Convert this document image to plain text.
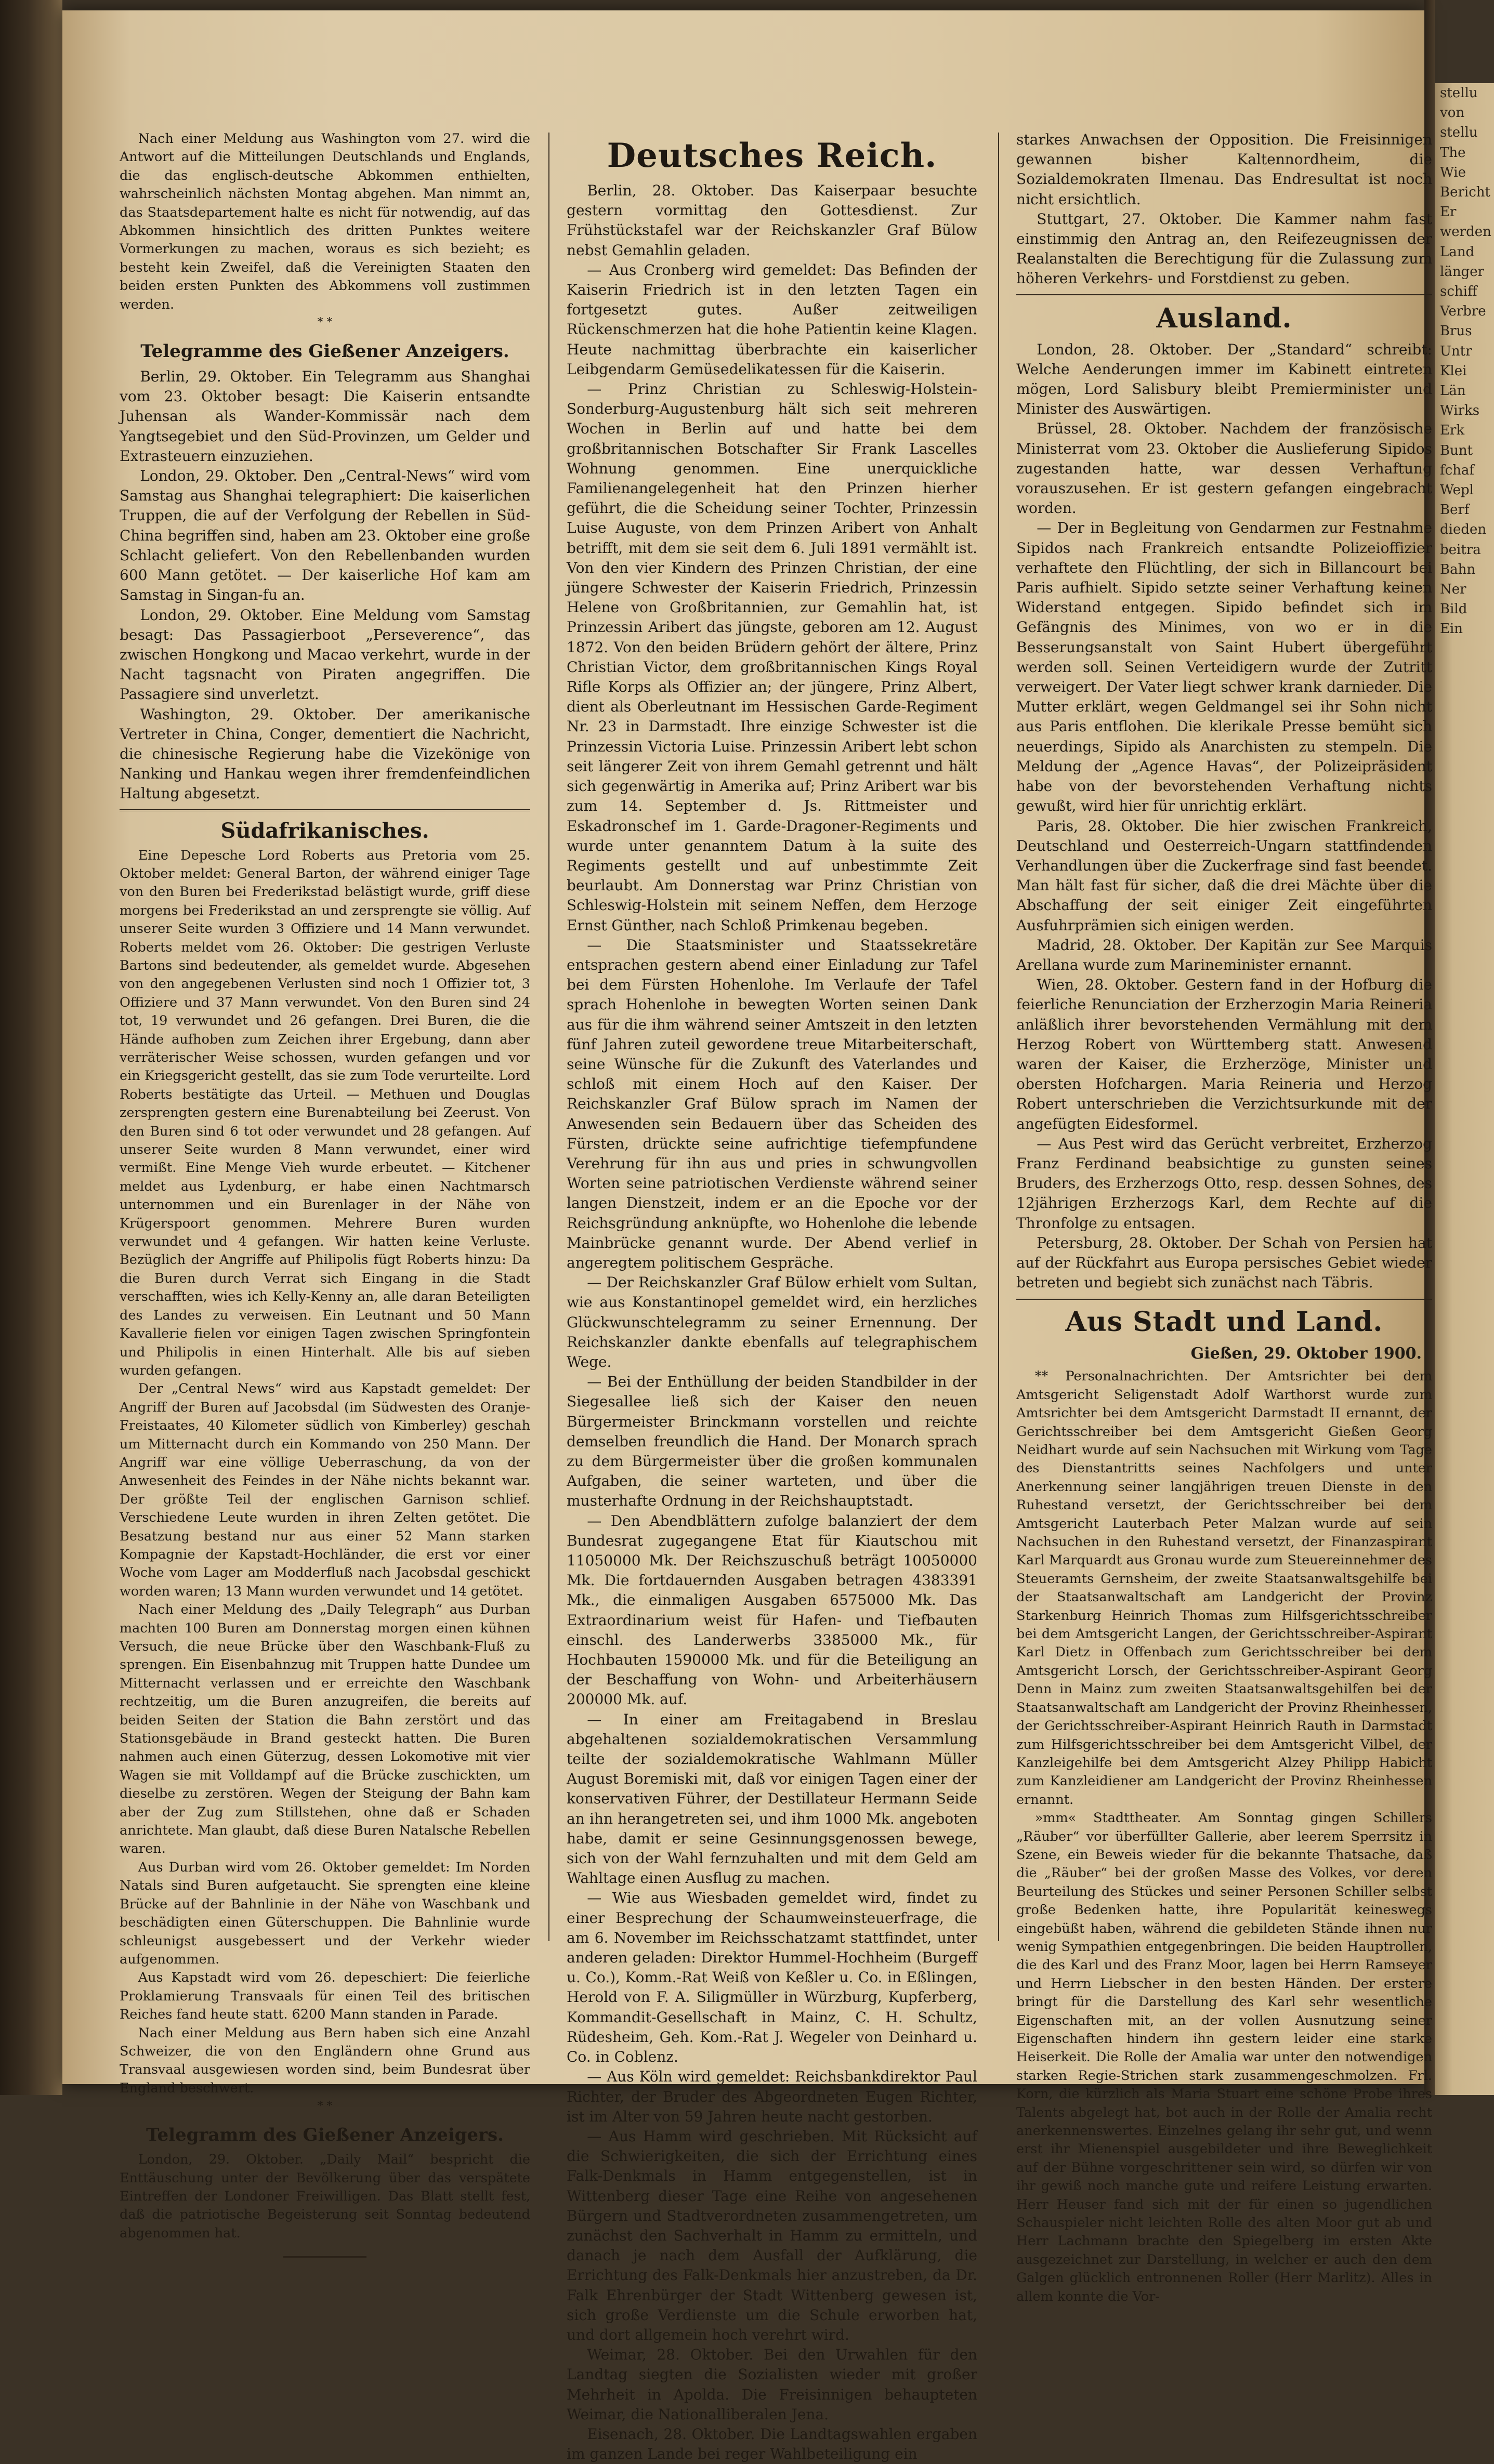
stellu
von
stellu
The
Wie
Bericht
Er
werden
Land
länger
schiff
Verbre
Brus
Untr
Klei
Län
Wirks
Erk
Bunt
fchaf
Wepl
Berf
dieden
beitra
Bahn
Ner
Bild
Ein

Nach einer Meldung aus Washington vom 27. wird die Antwort auf die Mitteilungen Deutschlands und Englands, die das englisch-deutsche Abkommen enthielten, wahrscheinlich nächsten Montag abgehen. Man nimmt an, das Staatsdepartement halte es nicht für notwendig, auf das Abkommen hinsichtlich des dritten Punktes weitere Vormerkungen zu machen, woraus es sich bezieht; es besteht kein Zweifel, daß die Vereinigten Staaten den beiden ersten Punkten des Abkommens voll zustimmen werden.

* *
Telegramme des Gießener Anzeigers.

Berlin, 29. Oktober. Ein Telegramm aus Shanghai vom 23. Oktober besagt: Die Kaiserin entsandte Juhensan als Wander-Kommissär nach dem Yangtsegebiet und den Süd-Provinzen, um Gelder und Extrasteuern einzuziehen.

London, 29. Oktober. Den „Central-News“ wird vom Samstag aus Shanghai telegraphiert: Die kaiserlichen Truppen, die auf der Verfolgung der Rebellen in Süd-China begriffen sind, haben am 23. Oktober eine große Schlacht geliefert. Von den Rebellenbanden wurden 600 Mann getötet. — Der kaiserliche Hof kam am Samstag in Singan-fu an.

London, 29. Oktober. Eine Meldung vom Samstag besagt: Das Passagierboot „Perseverence“, das zwischen Hongkong und Macao verkehrt, wurde in der Nacht tagsnacht von Piraten angegriffen. Die Passagiere sind unverletzt.

Washington, 29. Oktober. Der amerikanische Vertreter in China, Conger, dementiert die Nachricht, die chinesische Regierung habe die Vizekönige von Nanking und Hankau wegen ihrer fremdenfeindlichen Haltung abgesetzt.

Südafrikanisches.

Eine Depesche Lord Roberts aus Pretoria vom 25. Oktober meldet: General Barton, der während einiger Tage von den Buren bei Frederikstad belästigt wurde, griff diese morgens bei Frederikstad an und zersprengte sie völlig. Auf unserer Seite wurden 3 Offiziere und 14 Mann verwundet. Roberts meldet vom 26. Oktober: Die gestrigen Verluste Bartons sind bedeutender, als gemeldet wurde. Abgesehen von den angegebenen Verlusten sind noch 1 Offizier tot, 3 Offiziere und 37 Mann verwundet. Von den Buren sind 24 tot, 19 verwundet und 26 gefangen. Drei Buren, die die Hände aufhoben zum Zeichen ihrer Ergebung, dann aber verräterischer Weise schossen, wurden gefangen und vor ein Kriegsgericht gestellt, das sie zum Tode verurteilte. Lord Roberts bestätigte das Urteil. — Methuen und Douglas zersprengten gestern eine Burenabteilung bei Zeerust. Von den Buren sind 6 tot oder verwundet und 28 gefangen. Auf unserer Seite wurden 8 Mann verwundet, einer wird vermißt. Eine Menge Vieh wurde erbeutet. — Kitchener meldet aus Lydenburg, er habe einen Nachtmarsch unternommen und ein Burenlager in der Nähe von Krügerspoort genommen. Mehrere Buren wurden verwundet und 4 gefangen. Wir hatten keine Verluste. Bezüglich der Angriffe auf Philipolis fügt Roberts hinzu: Da die Buren durch Verrat sich Eingang in die Stadt verschafften, wies ich Kelly-Kenny an, alle daran Beteiligten des Landes zu verweisen. Ein Leutnant und 50 Mann Kavallerie fielen vor einigen Tagen zwischen Springfontein und Philipolis in einen Hinterhalt. Alle bis auf sieben wurden gefangen.

Der „Central News“ wird aus Kapstadt gemeldet: Der Angriff der Buren auf Jacobsdal (im Südwesten des Oranje-Freistaates, 40 Kilometer südlich von Kimberley) geschah um Mitternacht durch ein Kommando von 250 Mann. Der Angriff war eine völlige Ueberraschung, da von der Anwesenheit des Feindes in der Nähe nichts bekannt war. Der größte Teil der englischen Garnison schlief. Verschiedene Leute wurden in ihren Zelten getötet. Die Besatzung bestand nur aus einer 52 Mann starken Kompagnie der Kapstadt-Hochländer, die erst vor einer Woche vom Lager am Modderfluß nach Jacobsdal geschickt worden waren; 13 Mann wurden verwundet und 14 getötet.

Nach einer Meldung des „Daily Telegraph“ aus Durban machten 100 Buren am Donnerstag morgen einen kühnen Versuch, die neue Brücke über den Waschbank-Fluß zu sprengen. Ein Eisenbahnzug mit Truppen hatte Dundee um Mitternacht verlassen und er erreichte den Waschbank rechtzeitig, um die Buren anzugreifen, die bereits auf beiden Seiten der Station die Bahn zerstört und das Stationsgebäude in Brand gesteckt hatten. Die Buren nahmen auch einen Güterzug, dessen Lokomotive mit vier Wagen sie mit Volldampf auf die Brücke zuschickten, um dieselbe zu zerstören. Wegen der Steigung der Bahn kam aber der Zug zum Stillstehen, ohne daß er Schaden anrichtete. Man glaubt, daß diese Buren Natalsche Rebellen waren.

Aus Durban wird vom 26. Oktober gemeldet: Im Norden Natals sind Buren aufgetaucht. Sie sprengten eine kleine Brücke auf der Bahnlinie in der Nähe von Waschbank und beschädigten einen Güterschuppen. Die Bahnlinie wurde schleunigst ausgebessert und der Verkehr wieder aufgenommen.

Aus Kapstadt wird vom 26. depeschiert: Die feierliche Proklamierung Transvaals für einen Teil des britischen Reiches fand heute statt. 6200 Mann standen in Parade.

Nach einer Meldung aus Bern haben sich eine Anzahl Schweizer, die von den Engländern ohne Grund aus Transvaal ausgewiesen worden sind, beim Bundesrat über England beschwert.

* *
Telegramm des Gießener Anzeigers.

London, 29. Oktober. „Daily Mail“ bespricht die Enttäuschung unter der Bevölkerung über das verspätete Eintreffen der Londoner Freiwilligen. Das Blatt stellt fest, daß die patriotische Begeisterung seit Sonntag bedeutend abgenommen hat.

Deutsches Reich.

Berlin, 28. Oktober. Das Kaiserpaar besuchte gestern vormittag den Gottesdienst. Zur Frühstückstafel war der Reichskanzler Graf Bülow nebst Gemahlin geladen.

— Aus Cronberg wird gemeldet: Das Befinden der Kaiserin Friedrich ist in den letzten Tagen ein fortgesetzt gutes. Außer zeitweiligen Rückenschmerzen hat die hohe Patientin keine Klagen. Heute nachmittag überbrachte ein kaiserlicher Leibgendarm Gemüsedelikatessen für die Kaiserin.

— Prinz Christian zu Schleswig-Holstein-Sonderburg-Augustenburg hält sich seit mehreren Wochen in Berlin auf und hatte bei dem großbritannischen Botschafter Sir Frank Lascelles Wohnung genommen. Eine unerquickliche Familienangelegenheit hat den Prinzen hierher geführt, die die Scheidung seiner Tochter, Prinzessin Luise Auguste, von dem Prinzen Aribert von Anhalt betrifft, mit dem sie seit dem 6. Juli 1891 vermählt ist. Von den vier Kindern des Prinzen Christian, der eine jüngere Schwester der Kaiserin Friedrich, Prinzessin Helene von Großbritannien, zur Gemahlin hat, ist Prinzessin Aribert das jüngste, geboren am 12. August 1872. Von den beiden Brüdern gehört der ältere, Prinz Christian Victor, dem großbritannischen Kings Royal Rifle Korps als Offizier an; der jüngere, Prinz Albert, dient als Oberleutnant im Hessischen Garde-Regiment Nr. 23 in Darmstadt. Ihre einzige Schwester ist die Prinzessin Victoria Luise. Prinzessin Aribert lebt schon seit längerer Zeit von ihrem Gemahl getrennt und hält sich gegenwärtig in Amerika auf; Prinz Aribert war bis zum 14. September d. Js. Rittmeister und Eskadronschef im 1. Garde-Dragoner-Regiments und wurde unter genanntem Datum à la suite des Regiments gestellt und auf unbestimmte Zeit beurlaubt. Am Donnerstag war Prinz Christian von Schleswig-Holstein mit seinem Neffen, dem Herzoge Ernst Günther, nach Schloß Primkenau begeben.

— Die Staatsminister und Staatssekretäre entsprachen gestern abend einer Einladung zur Tafel bei dem Fürsten Hohenlohe. Im Verlaufe der Tafel sprach Hohenlohe in bewegten Worten seinen Dank aus für die ihm während seiner Amtszeit in den letzten fünf Jahren zuteil gewordene treue Mitarbeiterschaft, seine Wünsche für die Zukunft des Vaterlandes und schloß mit einem Hoch auf den Kaiser. Der Reichskanzler Graf Bülow sprach im Namen der Anwesenden sein Bedauern über das Scheiden des Fürsten, drückte seine aufrichtige tiefempfundene Verehrung für ihn aus und pries in schwungvollen Worten seine patriotischen Verdienste während seiner langen Dienstzeit, indem er an die Epoche vor der Reichsgründung anknüpfte, wo Hohenlohe die lebende Mainbrücke genannt wurde. Der Abend verlief in angeregtem politischem Gespräche.

— Der Reichskanzler Graf Bülow erhielt vom Sultan, wie aus Konstantinopel gemeldet wird, ein herzliches Glückwunschtelegramm zu seiner Ernennung. Der Reichskanzler dankte ebenfalls auf telegraphischem Wege.

— Bei der Enthüllung der beiden Standbilder in der Siegesallee ließ sich der Kaiser den neuen Bürgermeister Brinckmann vorstellen und reichte demselben freundlich die Hand. Der Monarch sprach zu dem Bürgermeister über die großen kommunalen Aufgaben, die seiner warteten, und über die musterhafte Ordnung in der Reichshauptstadt.

— Den Abendblättern zufolge balanziert der dem Bundesrat zugegangene Etat für Kiautschou mit 11050000 Mk. Der Reichszuschuß beträgt 10050000 Mk. Die fortdauernden Ausgaben betragen 4383391 Mk., die einmaligen Ausgaben 6575000 Mk. Das Extraordinarium weist für Hafen- und Tiefbauten einschl. des Landerwerbs 3385000 Mk., für Hochbauten 1590000 Mk. und für die Beteiligung an der Beschaffung von Wohn- und Arbeiterhäusern 200000 Mk. auf.

— In einer am Freitagabend in Breslau abgehaltenen sozialdemokratischen Versammlung teilte der sozialdemokratische Wahlmann Müller August Boremiski mit, daß vor einigen Tagen einer der konservativen Führer, der Destillateur Hermann Seide an ihn herangetreten sei, und ihm 1000 Mk. angeboten habe, damit er seine Gesinnungsgenossen bewege, sich von der Wahl fernzuhalten und mit dem Geld am Wahltage einen Ausflug zu machen.

— Wie aus Wiesbaden gemeldet wird, findet zu einer Besprechung der Schaumweinsteuerfrage, die am 6. November im Reichsschatzamt stattfindet, unter anderen geladen: Direktor Hummel-Hochheim (Burgeff u. Co.), Komm.-Rat Weiß von Keßler u. Co. in Eßlingen, Herold von F. A. Siligmüller in Würzburg, Kupferberg, Kommandit-Gesellschaft in Mainz, C. H. Schultz, Rüdesheim, Geh. Kom.-Rat J. Wegeler von Deinhard u. Co. in Coblenz.

— Aus Köln wird gemeldet: Reichsbankdirektor Paul Richter, der Bruder des Abgeordneten Eugen Richter, ist im Alter von 59 Jahren heute nacht gestorben.

— Aus Hamm wird geschrieben. Mit Rücksicht auf die Schwierigkeiten, die sich der Errichtung eines Falk-Denkmals in Hamm entgegenstellen, ist in Wittenberg dieser Tage eine Reihe von angesehenen Bürgern und Stadtverordneten zusammengetreten, um zunächst den Sachverhalt in Hamm zu ermitteln, und danach je nach dem Ausfall der Aufklärung, die Errichtung des Falk-Denkmals hier anzustreben, da Dr. Falk Ehrenbürger der Stadt Wittenberg gewesen ist, sich große Verdienste um die Schule erworben hat, und dort allgemein hoch verehrt wird.

Weimar, 28. Oktober. Bei den Urwahlen für den Landtag siegten die Sozialisten wieder mit großer Mehrheit in Apolda. Die Freisinnigen behaupteten Weimar, die Nationalliberalen Jena.

Eisenach, 28. Oktober. Die Landtagswahlen ergaben im ganzen Lande bei reger Wahlbeteiligung ein

starkes Anwachsen der Opposition. Die Freisinnigen gewannen bisher Kaltennordheim, die Sozialdemokraten Ilmenau. Das Endresultat ist noch nicht ersichtlich.

Stuttgart, 27. Oktober. Die Kammer nahm fast einstimmig den Antrag an, den Reifezeugnissen der Realanstalten die Berechtigung für die Zulassung zum höheren Verkehrs- und Forstdienst zu geben.

Ausland.

London, 28. Oktober. Der „Standard“ schreibt: Welche Aenderungen immer im Kabinett eintreten mögen, Lord Salisbury bleibt Premierminister und Minister des Auswärtigen.

Brüssel, 28. Oktober. Nachdem der französische Ministerrat vom 23. Oktober die Auslieferung Sipidos zugestanden hatte, war dessen Verhaftung vorauszusehen. Er ist gestern gefangen eingebracht worden.

— Der in Begleitung von Gendarmen zur Festnahme Sipidos nach Frankreich entsandte Polizeioffizier verhaftete den Flüchtling, der sich in Billancourt bei Paris aufhielt. Sipido setzte seiner Verhaftung keinen Widerstand entgegen. Sipido befindet sich im Gefängnis des Minimes, von wo er in die Besserungsanstalt von Saint Hubert übergeführt werden soll. Seinen Verteidigern wurde der Zutritt verweigert. Der Vater liegt schwer krank darnieder. Die Mutter erklärt, wegen Geldmangel sei ihr Sohn nicht aus Paris entflohen. Die klerikale Presse bemüht sich neuerdings, Sipido als Anarchisten zu stempeln. Die Meldung der „Agence Havas“, der Polizeipräsident habe von der bevorstehenden Verhaftung nichts gewußt, wird hier für unrichtig erklärt.

Paris, 28. Oktober. Die hier zwischen Frankreich, Deutschland und Oesterreich-Ungarn stattfindenden Verhandlungen über die Zuckerfrage sind fast beendet. Man hält fast für sicher, daß die drei Mächte über die Abschaffung der seit einiger Zeit eingeführten Ausfuhrprämien sich einigen werden.

Madrid, 28. Oktober. Der Kapitän zur See Marquis Arellana wurde zum Marineminister ernannt.

Wien, 28. Oktober. Gestern fand in der Hofburg die feierliche Renunciation der Erzherzogin Maria Reineria anläßlich ihrer bevorstehenden Vermählung mit dem Herzog Robert von Württemberg statt. Anwesend waren der Kaiser, die Erzherzöge, Minister und obersten Hofchargen. Maria Reineria und Herzog Robert unterschrieben die Verzichtsurkunde mit der angefügten Eidesformel.

— Aus Pest wird das Gerücht verbreitet, Erzherzog Franz Ferdinand beabsichtige zu gunsten seines Bruders, des Erzherzogs Otto, resp. dessen Sohnes, des 12jährigen Erzherzogs Karl, dem Rechte auf die Thronfolge zu entsagen.

Petersburg, 28. Oktober. Der Schah von Persien hat auf der Rückfahrt aus Europa persisches Gebiet wieder betreten und begiebt sich zunächst nach Täbris.

Aus Stadt und Land.
Gießen, 29. Oktober 1900.

** Personalnachrichten. Der Amtsrichter bei dem Amtsgericht Seligenstadt Adolf Warthorst wurde zum Amtsrichter bei dem Amtsgericht Darmstadt II ernannt, der Gerichtsschreiber bei dem Amtsgericht Gießen Georg Neidhart wurde auf sein Nachsuchen mit Wirkung vom Tage des Dienstantritts seines Nachfolgers und unter Anerkennung seiner langjährigen treuen Dienste in den Ruhestand versetzt, der Gerichtsschreiber bei dem Amtsgericht Lauterbach Peter Malzan wurde auf sein Nachsuchen in den Ruhestand versetzt, der Finanzaspirant Karl Marquardt aus Gronau wurde zum Steuereinnehmer des Steueramts Gernsheim, der zweite Staatsanwaltsgehilfe bei der Staatsanwaltschaft am Landgericht der Provinz Starkenburg Heinrich Thomas zum Hilfsgerichtsschreiber bei dem Amtsgericht Langen, der Gerichtsschreiber-Aspirant Karl Dietz in Offenbach zum Gerichtsschreiber bei dem Amtsgericht Lorsch, der Gerichtsschreiber-Aspirant Georg Denn in Mainz zum zweiten Staatsanwaltsgehilfen bei der Staatsanwaltschaft am Landgericht der Provinz Rheinhessen, der Gerichtsschreiber-Aspirant Heinrich Rauth in Darmstadt zum Hilfsgerichtsschreiber bei dem Amtsgericht Vilbel, der Kanzleigehilfe bei dem Amtsgericht Alzey Philipp Habicht zum Kanzleidiener am Landgericht der Provinz Rheinhessen ernannt.

»mm« Stadttheater. Am Sonntag gingen Schillers „Räuber“ vor überfüllter Gallerie, aber leerem Sperrsitz in Szene, ein Beweis wieder für die bekannte Thatsache, daß die „Räuber“ bei der großen Masse des Volkes, vor deren Beurteilung des Stückes und seiner Personen Schiller selbst große Bedenken hatte, ihre Popularität keineswegs eingebüßt haben, während die gebildeten Stände ihnen nur wenig Sympathien entgegenbringen. Die beiden Hauptrollen, die des Karl und des Franz Moor, lagen bei Herrn Ramseyer und Herrn Liebscher in den besten Händen. Der erstere bringt für die Darstellung des Karl sehr wesentliche Eigenschaften mit, an der vollen Ausnutzung seiner Eigenschaften hindern ihn gestern leider eine starke Heiserkeit. Die Rolle der Amalia war unter den notwendigen starken Regie-Strichen stark zusammengeschmolzen. Frl. Korn, die kürzlich als Maria Stuart eine schöne Probe ihres Talents abgelegt hat, bot auch in der Rolle der Amalia recht anerkennenswertes. Einzelnes gelang ihr sehr gut, und wenn erst ihr Mienenspiel ausgebildeter und ihre Beweglichkeit auf der Bühne vorgeschrittener sein wird, so dürfen wir von ihr gewiß noch manche gute und reifere Leistung erwarten. Herr Heuser fand sich mit der für einen so jugendlichen Schauspieler nicht leichten Rolle des alten Moor gut ab und Herr Lachmann brachte den Spiegelberg im ersten Akte ausgezeichnet zur Darstellung, in welcher er auch den dem Galgen glücklich entronnenen Roller (Herr Marlitz). Alles in allem konnte die Vor-
